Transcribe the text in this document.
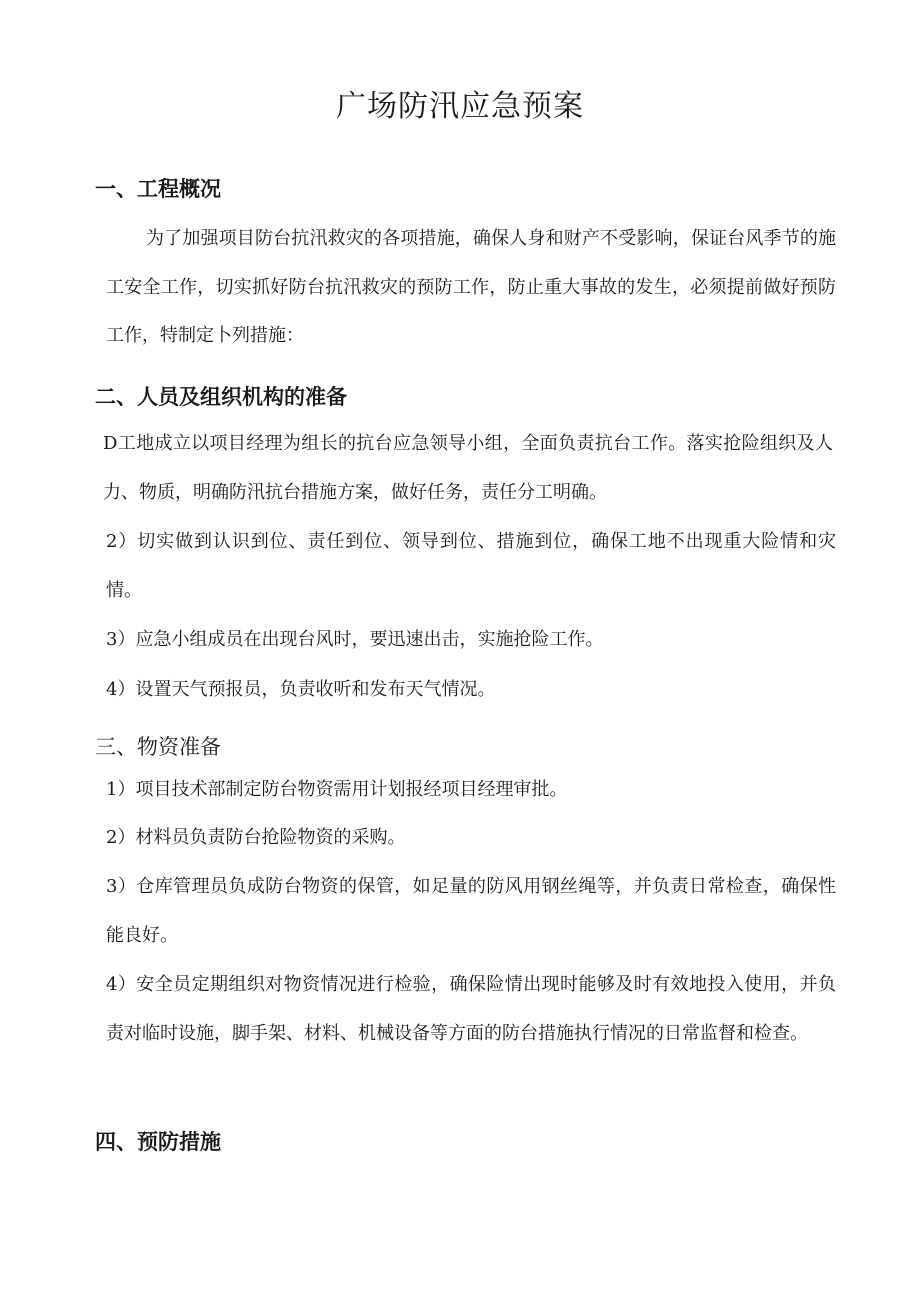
广场防汛应急预案
一、工程概况

为了加强项目防台抗汛救灾的各项措施，确保人身和财产不受影响，保证台风季节的施工安全工作，切实抓好防台抗汛救灾的预防工作，防止重大事故的发生，必须提前做好预防工作，特制定卜列措施：

二、人员及组织机构的准备

D工地成立以项目经理为组长的抗台应急领导小组，全面负责抗台工作。落实抢险组织及人力、物质，明确防汛抗台措施方案，做好任务，责任分工明确。

2）切实做到认识到位、责任到位、领导到位、措施到位，确保工地不出现重大险情和灾情。

3）应急小组成员在出现台风时，要迅速出击，实施抢险工作。

4）设置天气预报员，负责收听和发布天气情况。

三、物资准备

1）项目技术部制定防台物资需用计划报经项目经理审批。

2）材料员负责防台抢险物资的采购。

3）仓库管理员负成防台物资的保管，如足量的防风用钢丝绳等，并负责日常检查，确保性能良好。

4）安全员定期组织对物资情况进行检验，确保险情出现时能够及时有效地投入使用，并负责对临时设施，脚手架、材料、机械设备等方面的防台措施执行情况的日常监督和检查。

四、预防措施
